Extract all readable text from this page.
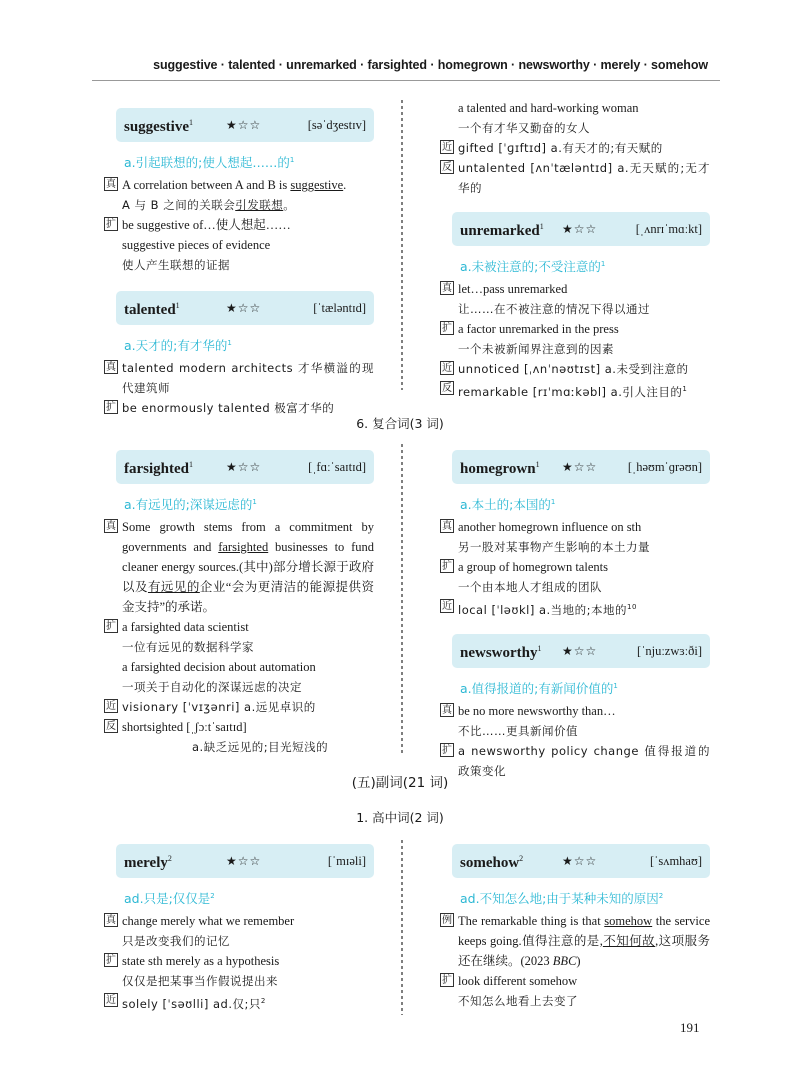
suggestive · talented · unremarked · farsighted · homegrown · newsworthy · merely · somehow
suggestive$^1$	★☆☆	[səˈdʒestɪv]
a.引起联想的;使人想起……的$^1$
真 A correlation between A and B is suggestive.
A 与 B 之间的关联会引发联想。
扩 be suggestive of…使人想起……
suggestive pieces of evidence
使人产生联想的证据
talented$^1$	★☆☆	[ˈtæləntɪd]
a.天才的;有才华的$^1$
真 talented modern architects 才华横溢的现代建筑师
扩 be enormously talented 极富才华的
a talented and hard-working woman
一个有才华又勤奋的女人
近 gifted [ˈɡɪftɪd] a.有天才的;有天赋的
反 untalented [ʌnˈtæləntɪd] a.无天赋的;无才华的
unremarked$^1$	★☆☆	[ˌʌnrɪˈmɑːkt]
a.未被注意的;不受注意的$^1$
真 let…pass unremarked
让……在不被注意的情况下得以通过
扩 a factor unremarked in the press
一个未被新闻界注意到的因素
近 unnoticed [ˌʌnˈnəʊtɪst] a.未受到注意的
反 remarkable [rɪˈmɑːkəbl] a.引人注目的$^1$
6. 复合词(3 词)
farsighted$^1$	★☆☆	[ˌfɑːˈsaɪtɪd]
a.有远见的;深谋远虑的$^1$
真 Some growth stems from a commitment by governments and farsighted businesses to fund cleaner energy sources.(其中)部分增长源于政府以及有远见的企业“会为更清洁的能源提供资金支持”的承诺。
扩 a farsighted data scientist
一位有远见的数据科学家
a farsighted decision about automation
一项关于自动化的深谋远虑的决定
近 visionary [ˈvɪʒənri] a.远见卓识的
反 shortsighted [ˌʃɔːtˈsaɪtɪd]
a.缺乏远见的;目光短浅的
homegrown$^1$	★☆☆	[ˌhəʊmˈɡrəʊn]
a.本土的;本国的$^1$
真 another homegrown influence on sth
另一股对某事物产生影响的本土力量
扩 a group of homegrown talents
一个由本地人才组成的团队
近 local [ˈləʊkl] a.当地的;本地的$^{10}$
newsworthy$^1$	★☆☆	[ˈnjuːzwɜːði]
a.值得报道的;有新闻价值的$^1$
真 be no more newsworthy than…
不比……更具新闻价值
扩 a newsworthy policy change 值得报道的政策变化
(五)副词(21 词)
1. 高中词(2 词)
merely$^2$	★☆☆	[ˈmɪəli]
ad.只是;仅仅是$^2$
真 change merely what we remember
只是改变我们的记忆
扩 state sth merely as a hypothesis
仅仅是把某事当作假说提出来
近 solely [ˈsəʊlli] ad.仅;只$^2$
somehow$^2$	★☆☆	[ˈsʌmhaʊ]
ad.不知怎么地;由于某种未知的原因$^2$
例 The remarkable thing is that somehow the service keeps going.值得注意的是,不知何故,这项服务还在继续。(2023 BBC)
扩 look different somehow
不知怎么地看上去变了
191
